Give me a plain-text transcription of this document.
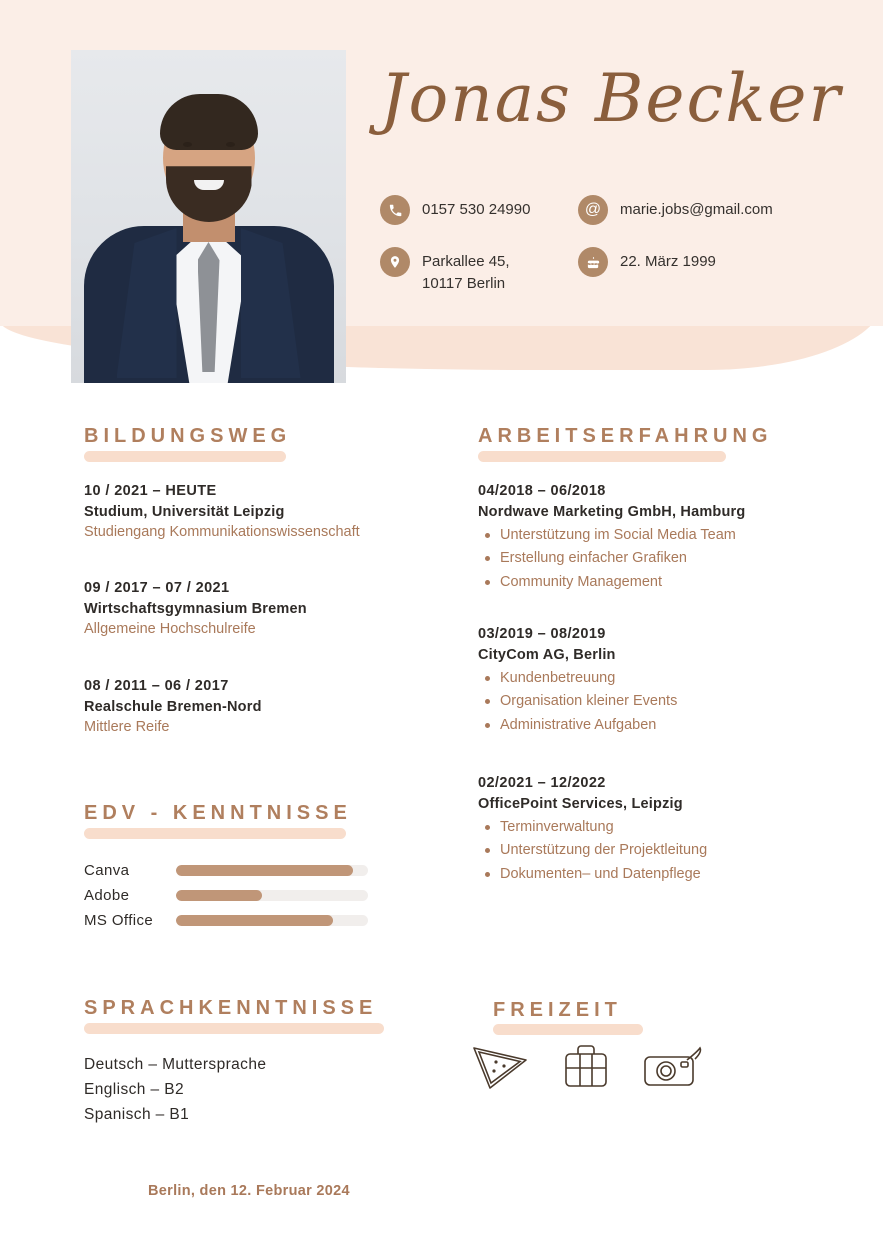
Jonas Becker
0157 530 24990	@ marie.jobs@gmail.com
Parkallee 45,
10117 Berlin
22. März 1999
BILDUNGSWEG
10 / 2021 – HEUTE
Studium, Universität Leipzig
Studiengang Kommunikationswissenschaft
09 / 2017 – 07 / 2021
Wirtschaftsgymnasium Bremen
Allgemeine Hochschulreife
08 / 2011 – 06 / 2017
Realschule Bremen-Nord
Mittlere Reife
ARBEITSERFAHRUNG
04/2018 – 06/2018
Nordwave Marketing GmbH, Hamburg
Unterstützung im Social Media Team
Erstellung einfacher Grafiken
Community Management
03/2019 – 08/2019
CityCom AG, Berlin
Kundenbetreuung
Organisation kleiner Events
Administrative Aufgaben
02/2021 – 12/2022
OfficePoint Services, Leipzig
Terminverwaltung
Unterstützung der Projektleitung
Dokumenten– und Datenpflege
EDV - KENNTNISSE
Canva
Adobe
MS Office
SPRACHKENNTNISSE
Deutsch – Muttersprache
Englisch – B2
Spanisch – B1
FREIZEIT
Berlin, den 12. Februar 2024
